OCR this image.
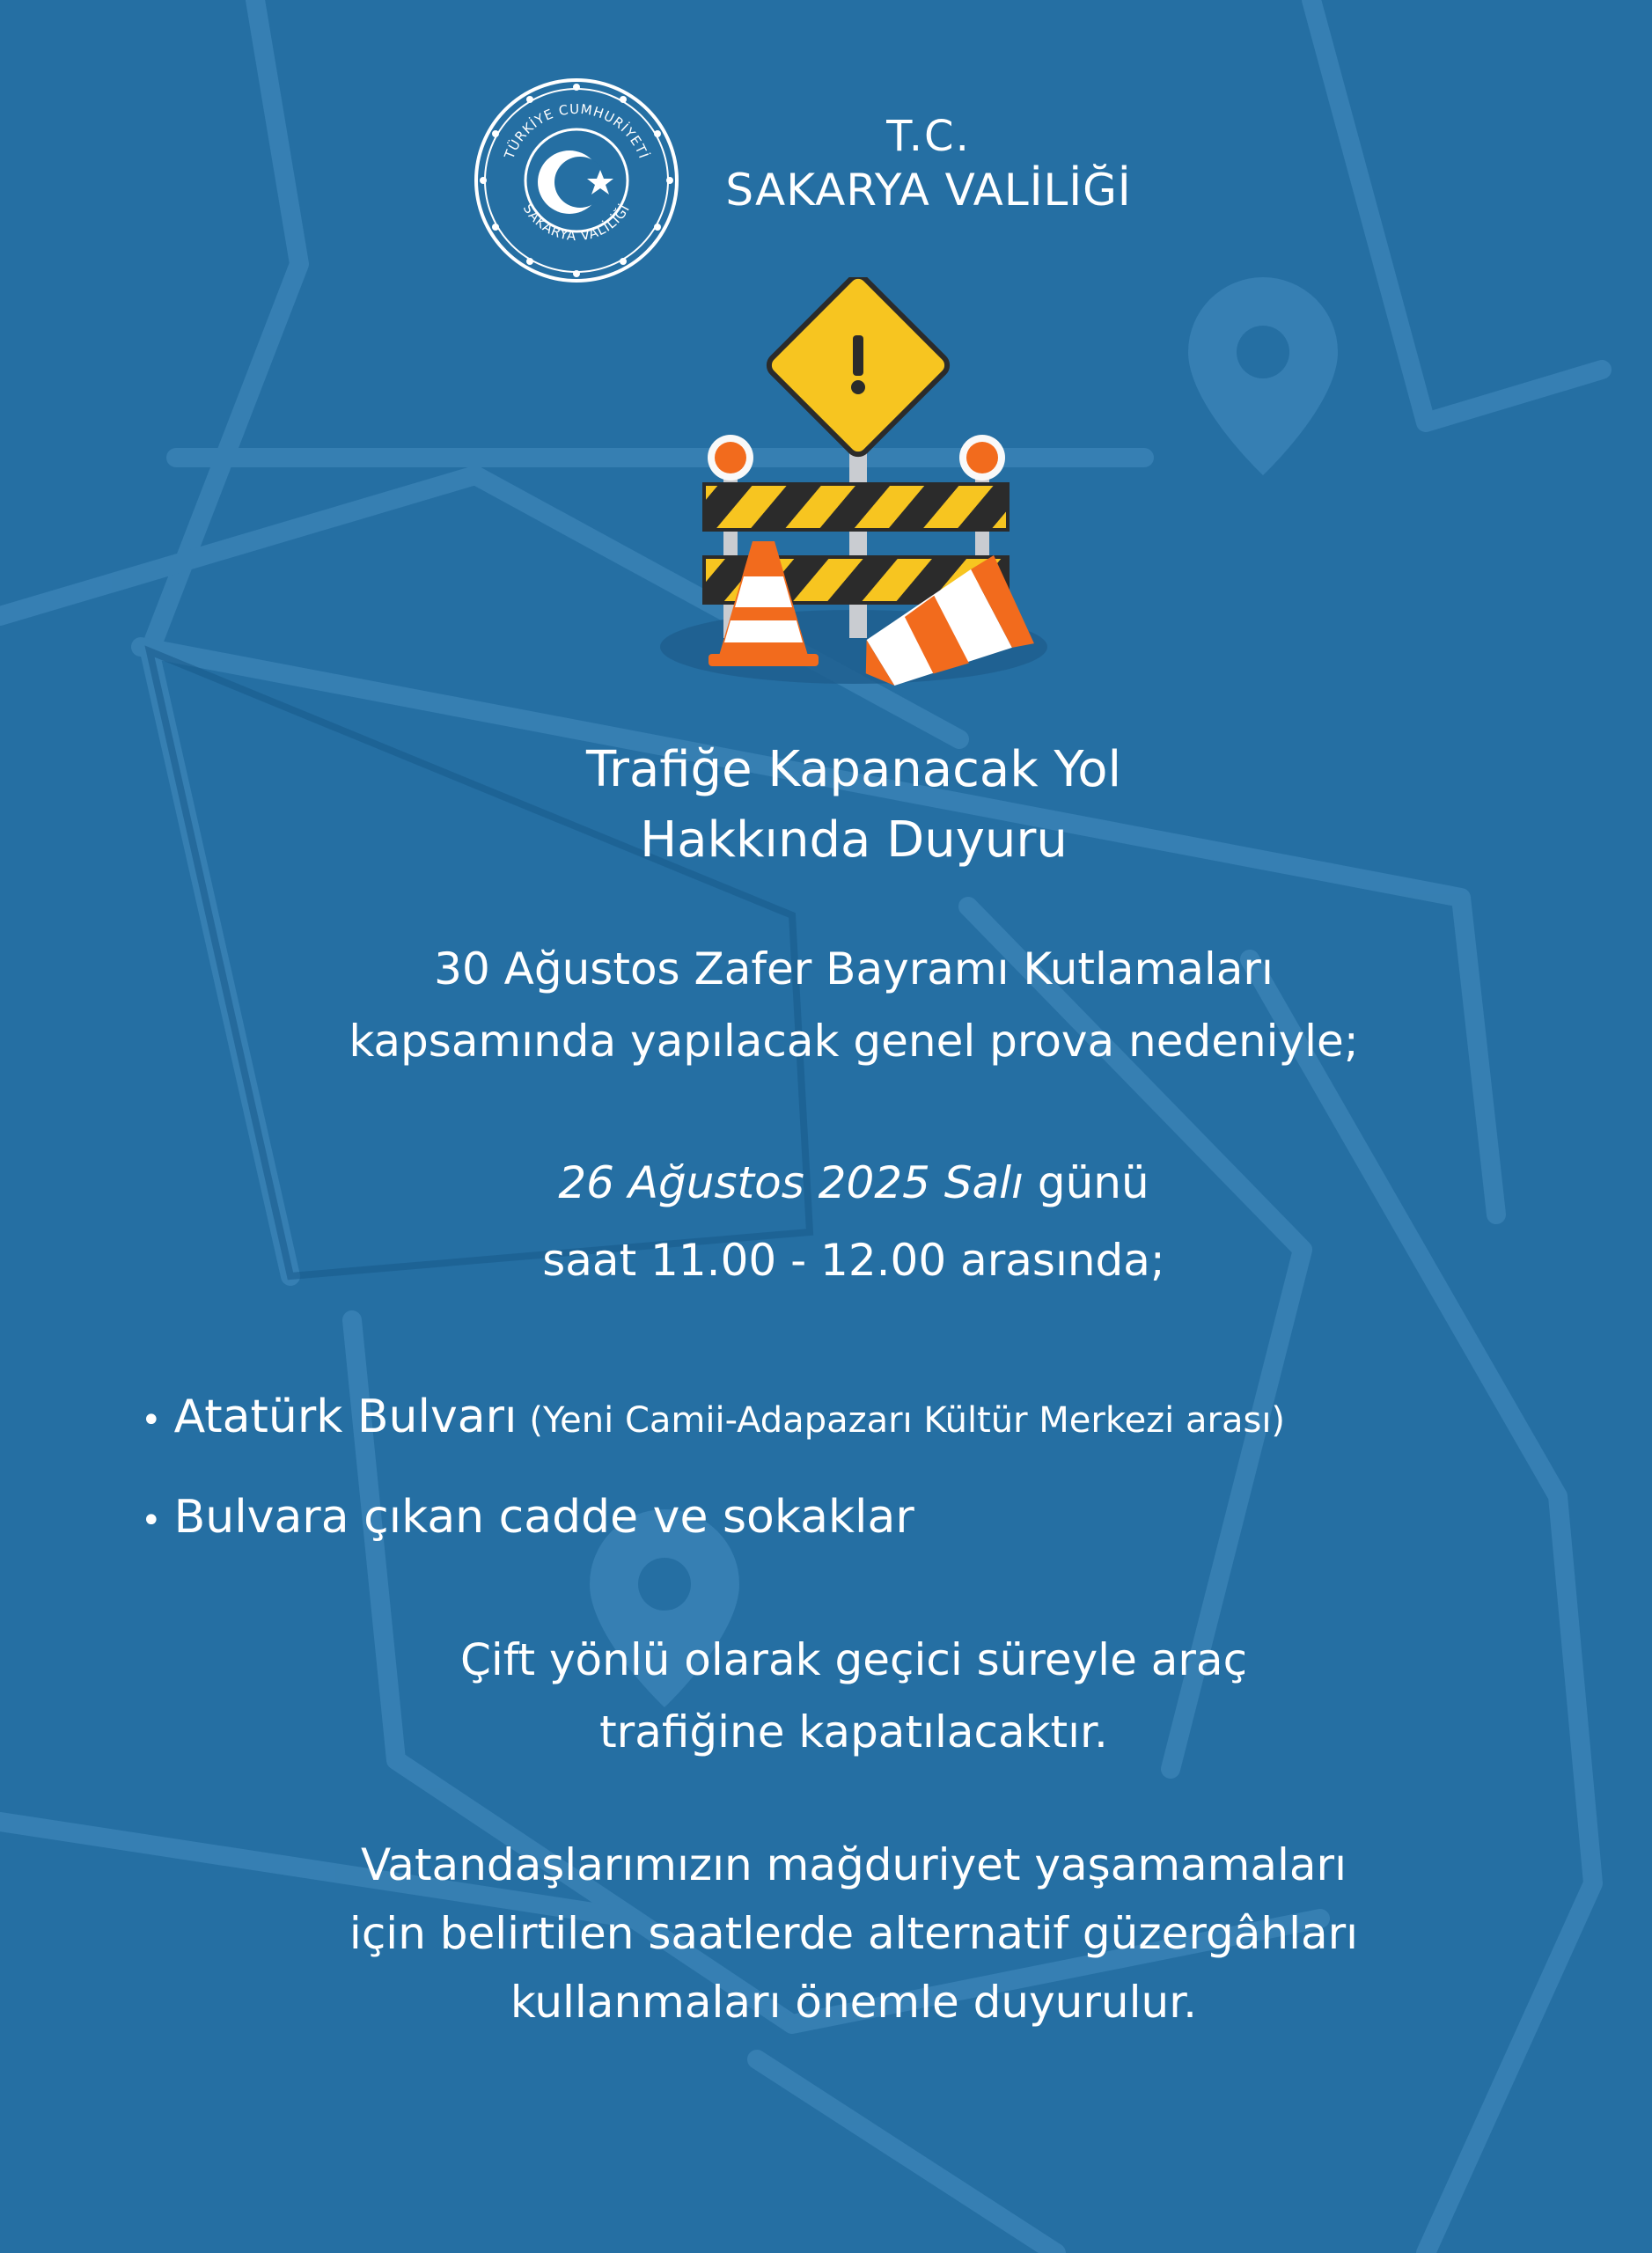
TÜRKİYE CUMHURİYETİ
SAKARYA VALİLİĞİ
T.C.
SAKARYA VALİLİĞİ
Trafiğe Kapanacak Yol
Hakkında Duyuru
30 Ağustos Zafer Bayramı Kutlamaları
kapsamında yapılacak genel prova nedeniyle;
26 Ağustos 2025 Salı günü
saat 11.00 - 12.00 arasında;
• Atatürk Bulvarı (Yeni Camii-Adapazarı Kültür Merkezi arası)
• Bulvara çıkan cadde ve sokaklar
Çift yönlü olarak geçici süreyle araç
trafiğine kapatılacaktır.
Vatandaşlarımızın mağduriyet yaşamamaları
için belirtilen saatlerde alternatif güzergâhları
kullanmaları önemle duyurulur.
